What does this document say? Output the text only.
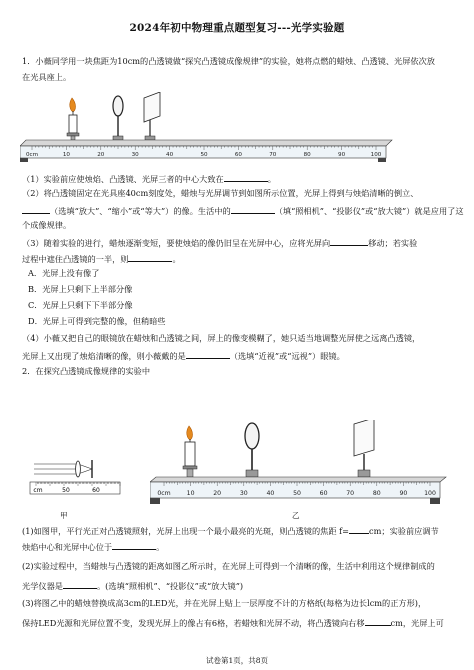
2024年初中物理重点题型复习---光学实验题
1．小薇同学用一块焦距为10cm的凸透镜做“探究凸透镜成像规律”的实验，她将点燃的蜡烛、凸透镜、光屏依次放
在光具座上。
0cm	10	20	30	40	50	60	70	80	90	100
（1）实验前应使烛焰、凸透镜、光屏三者的中心大致在	。
（2）将凸透镜固定在光具座40cm刻度处，蜡烛与光屏调节到如图所示位置，光屏上得到与烛焰清晰的倒立、
（选填“放大”、“缩小”或“等大”）的像。生活中的	（填“照相机”、“投影仪”或“放大镜”）就是应用了这
个成像规律。
（3）随着实验的进行，蜡烛逐渐变短，要使烛焰的像仍旧呈在光屏中心，应将光屏向	移动；若实验
过程中遮住凸透镜的一半，则	。
A．光屏上没有像了
B．光屏上只剩下上半部分像
C．光屏上只剩下下半部分像
D．光屏上可得到完整的像，但稍暗些
（4）小薇又把自己的眼镜放在蜡烛和凸透镜之间，屏上的像变模糊了，她只适当地调整光屏使之远离凸透镜，
光屏上又出现了烛焰清晰的像，则小薇戴的是	（选填“近视”或“远视”）眼镜。
2．在探究凸透镜成像规律的实验中
cm	50	60	0cm	10	20	30	40	50	60	70	80	90	100
甲	乙
(1)如图甲，平行光正对凸透镜照射，光屏上出现一个最小最亮的光斑，则凸透镜的焦距 f= cm；实验前应调节
烛焰中心和光屏中心位于	。
(2)实验过程中，当蜡烛与凸透镜的距离如图乙所示时，在光屏上可得到一个清晰的像，生活中利用这个规律制成的
光学仪器是	。(选填“照相机”、“投影仪”或“放大镜”)
(3)将图乙中的蜡烛替换成高3cm的LED光，并在光屏上贴上一层厚度不计的方格纸(每格为边长lcm的正方形)，
保持LED光源和光屏位置不变，发现光屏上的像占有6格，若蜡烛和光屏不动，将凸透镜向右移	cm，光屏上可
试卷第1页，共8页
